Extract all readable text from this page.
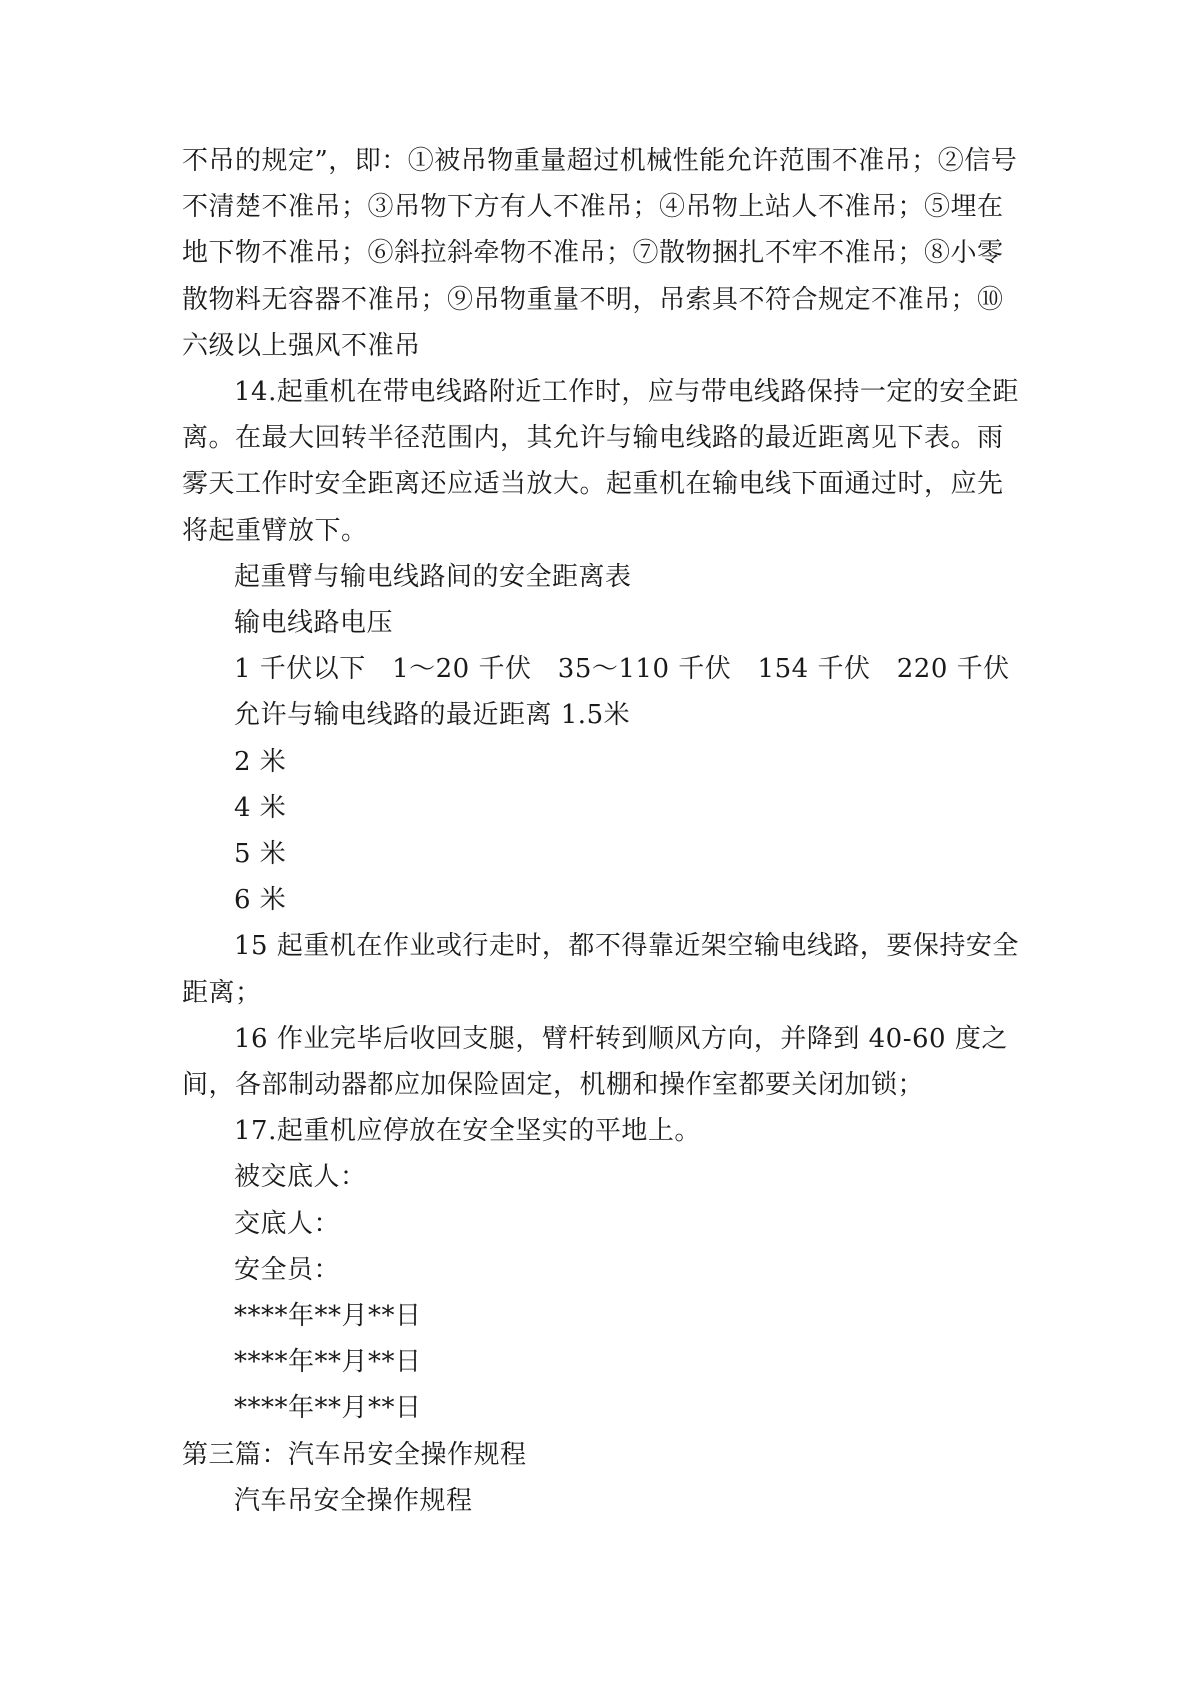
不吊的规定”，即：①被吊物重量超过机械性能允许范围不准吊；②信号不清楚不准吊；③吊物下方有人不准吊；④吊物上站人不准吊；⑤埋在地下物不准吊；⑥斜拉斜牵物不准吊；⑦散物捆扎不牢不准吊；⑧小零散物料无容器不准吊；⑨吊物重量不明，吊索具不符合规定不准吊；⑩六级以上强风不准吊

14.起重机在带电线路附近工作时，应与带电线路保持一定的安全距离。在最大回转半径范围内，其允许与输电线路的最近距离见下表。雨雾天工作时安全距离还应适当放大。起重机在输电线下面通过时，应先将起重臂放下。

起重臂与输电线路间的安全距离表

输电线路电压

1 千伏以下   1～20 千伏   35～110 千伏   154 千伏   220 千伏

允许与输电线路的最近距离 1.5米

2 米

4 米

5 米

6 米

15 起重机在作业或行走时，都不得靠近架空输电线路，要保持安全距离；

16 作业完毕后收回支腿，臂杆转到顺风方向，并降到 40-60 度之间，各部制动器都应加保险固定，机棚和操作室都要关闭加锁；

17.起重机应停放在安全坚实的平地上。

被交底人：

交底人：

安全员：

****年**月**日

****年**月**日

****年**月**日

第三篇：汽车吊安全操作规程

汽车吊安全操作规程
